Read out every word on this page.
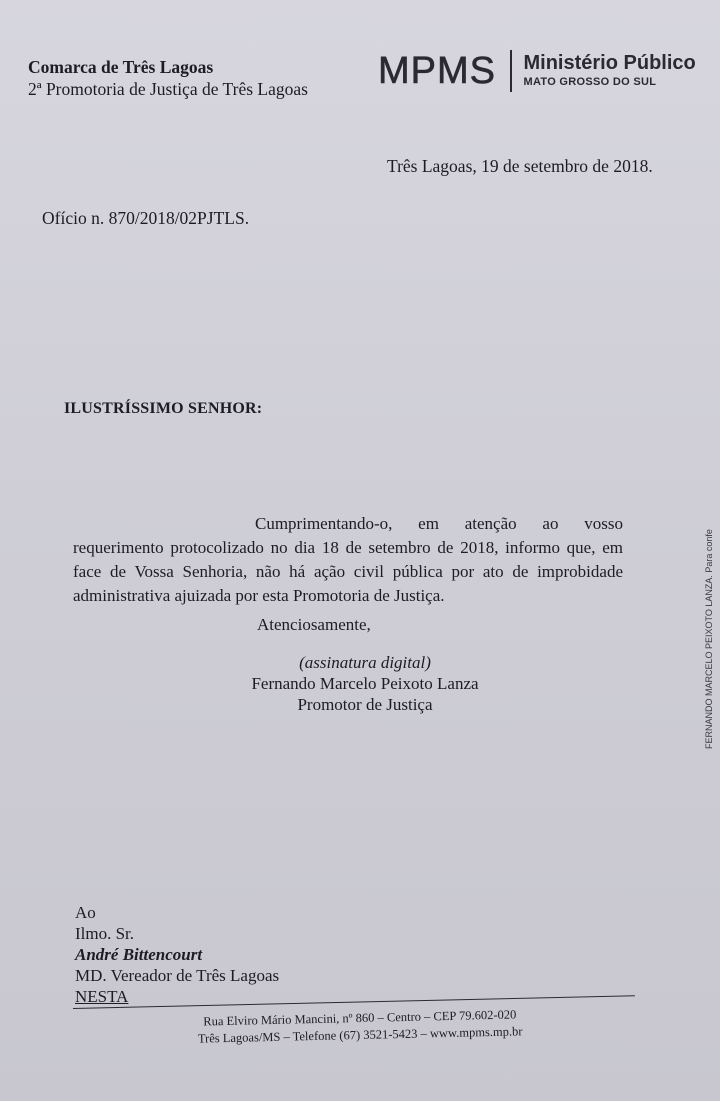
Comarca de Três Lagoas
2ª Promotoria de Justiça de Três Lagoas MPMS Ministério Público
MATO GROSSO DO SUL
Três Lagoas, 19 de setembro de 2018.
Ofício n. 870/2018/02PJTLS.
ILUSTRÍSSIMO SENHOR:
Cumprimentando-o, em atenção ao vosso requerimento protocolizado no dia 18 de setembro de 2018, informo que, em face de Vossa Senhoria, não há ação civil pública por ato de improbidade administrativa ajuizada por esta Promotoria de Justiça.
Atenciosamente,
(assinatura digital)
Fernando Marcelo Peixoto Lanza
Promotor de Justiça
Ao
Ilmo. Sr.
André Bittencourt
MD. Vereador de Três Lagoas
NESTA
Rua Elviro Mário Mancini, nº 860 – Centro – CEP 79.602-020
Três Lagoas/MS – Telefone (67) 3521-5423 – www.mpms.mp.br
FERNANDO MARCELO PEIXOTO LANZA. Para confe
